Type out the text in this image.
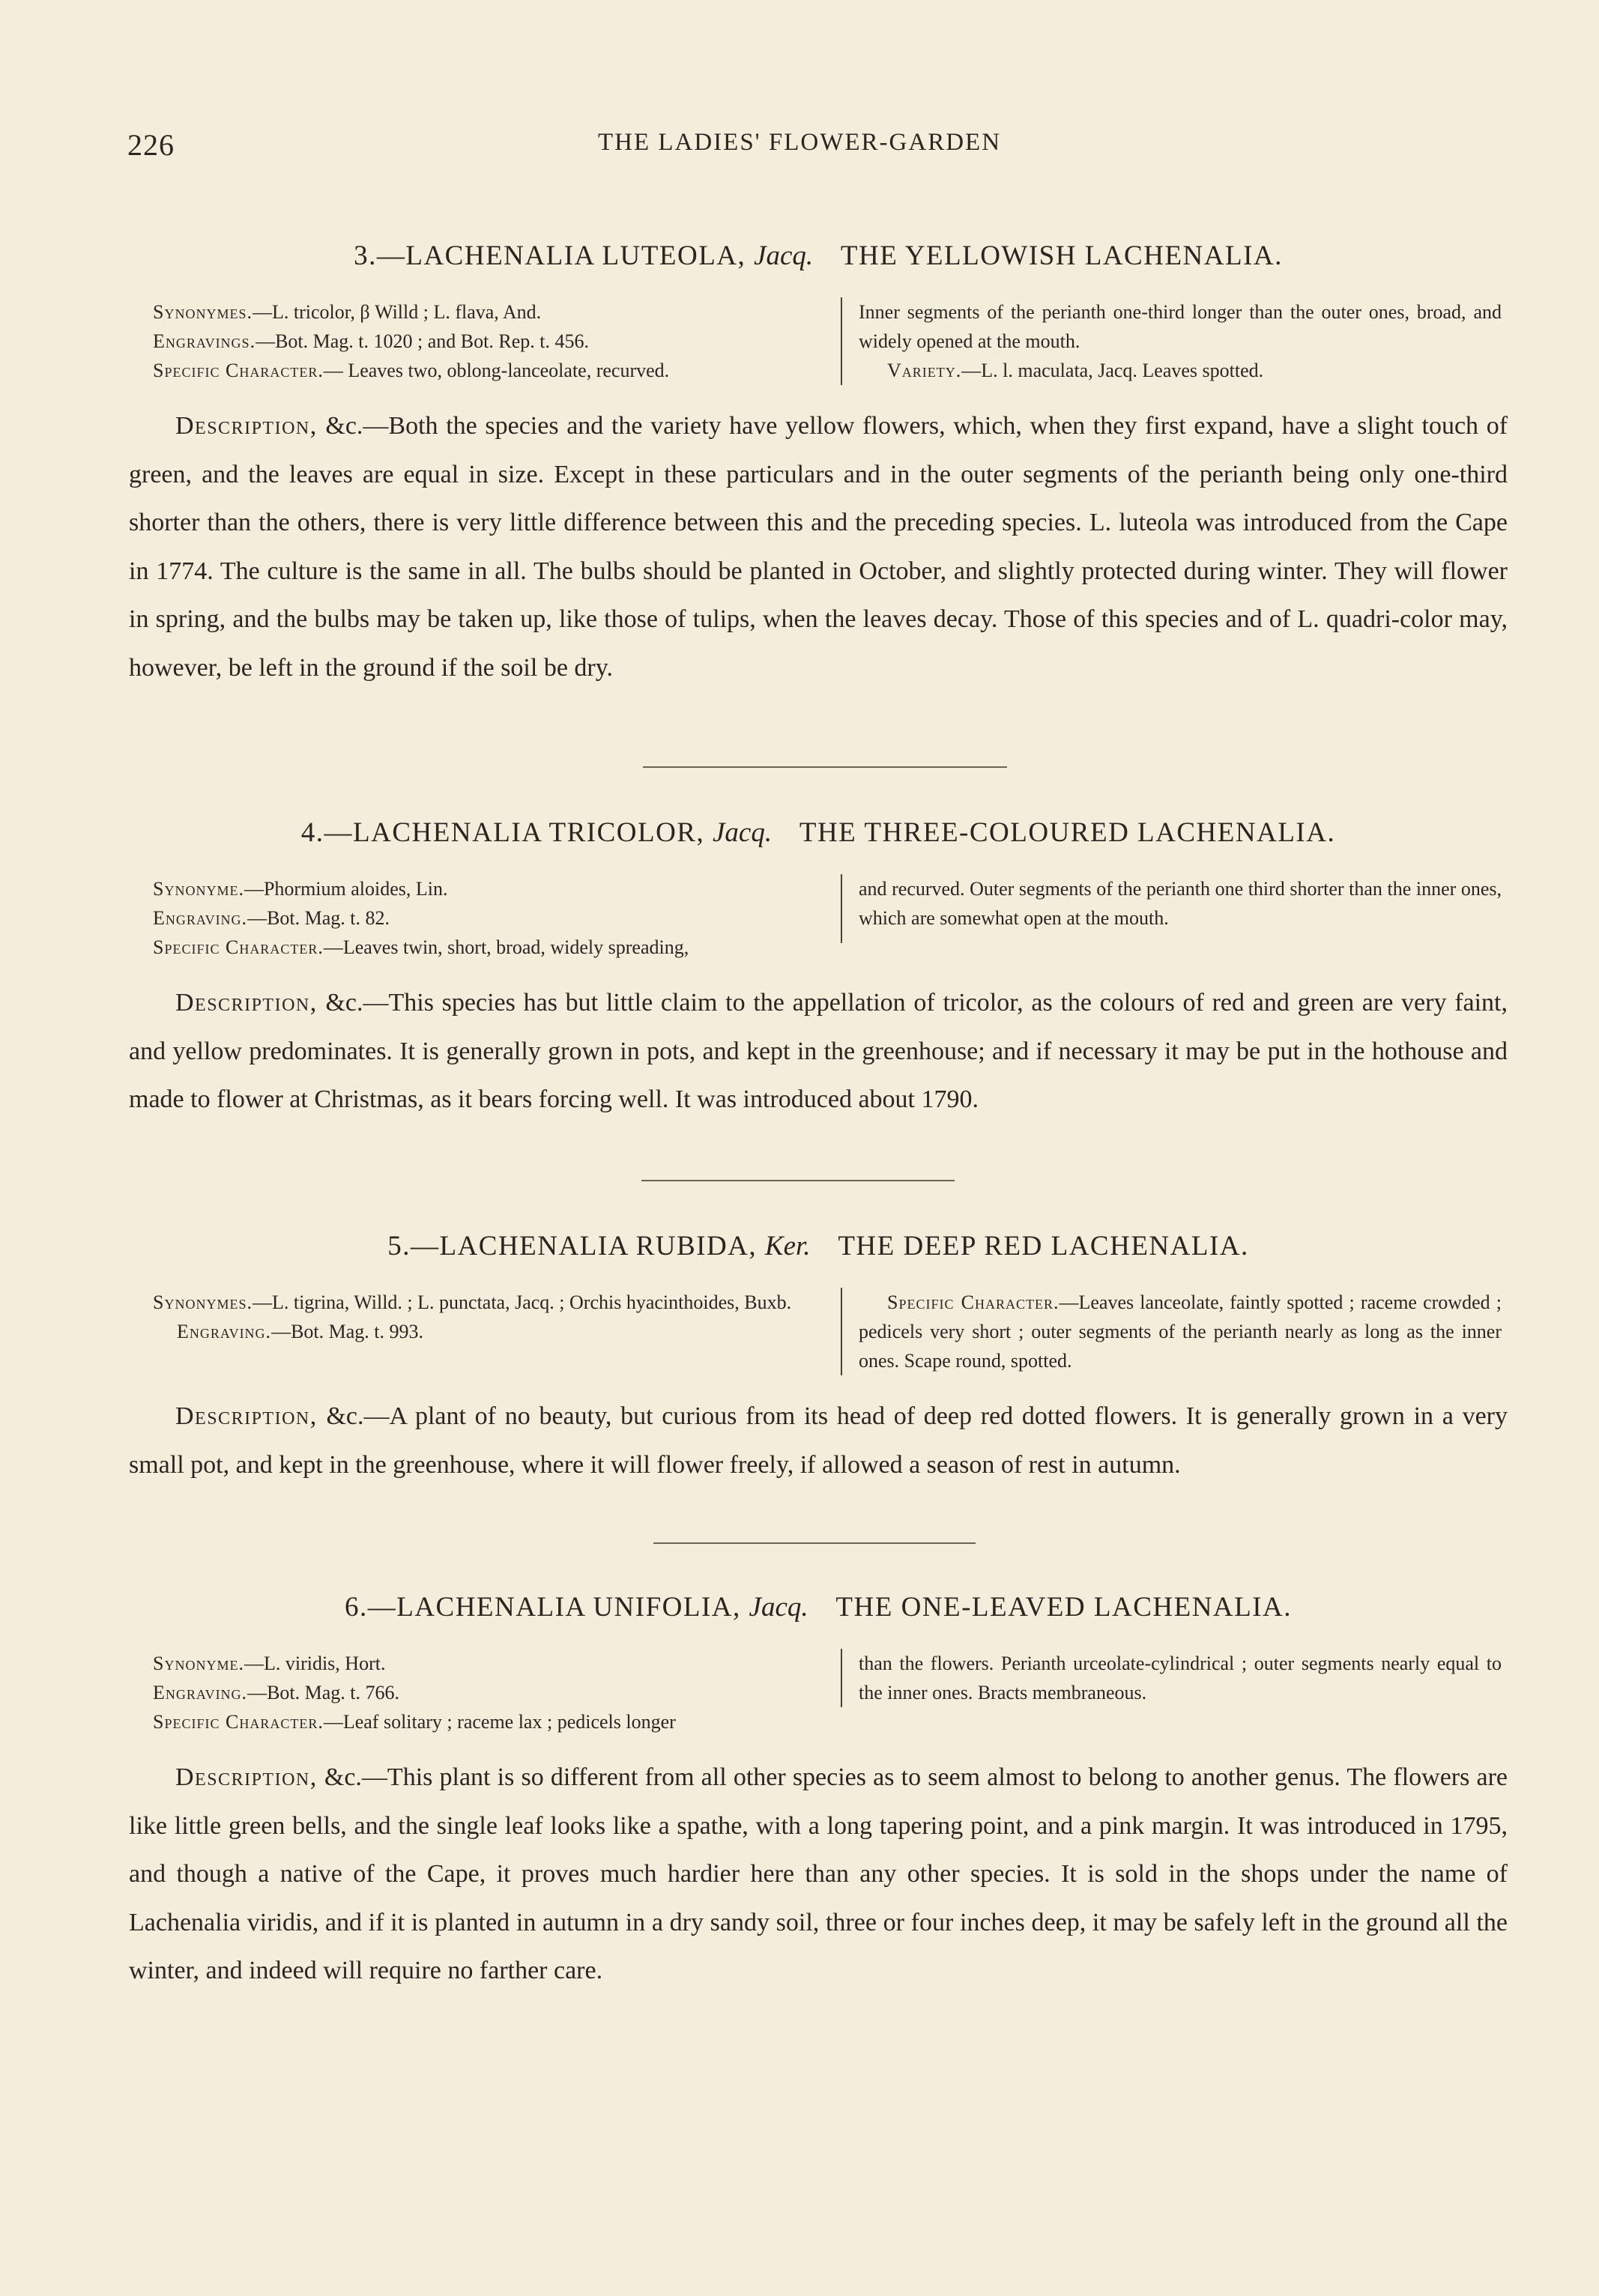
226	THE LADIES' FLOWER-GARDEN
3.—LACHENALIA LUTEOLA, Jacq. THE YELLOWISH LACHENALIA.
Synonymes.—L. tricolor, β Willd ; L. flava, And.
Engravings.—Bot. Mag. t. 1020 ; and Bot. Rep. t. 456.
Specific Character.— Leaves two, oblong-lanceolate, recurved.
Inner segments of the perianth one-third longer than the outer ones, broad, and widely opened at the mouth.
Variety.—L. l. maculata, Jacq. Leaves spotted.
Description, &c.—Both the species and the variety have yellow flowers, which, when they first expand, have a slight touch of green, and the leaves are equal in size. Except in these particulars and in the outer segments of the perianth being only one-third shorter than the others, there is very little difference between this and the preceding species. L. luteola was introduced from the Cape in 1774. The culture is the same in all. The bulbs should be planted in October, and slightly protected during winter. They will flower in spring, and the bulbs may be taken up, like those of tulips, when the leaves decay. Those of this species and of L. quadri-color may, however, be left in the ground if the soil be dry.
4.—LACHENALIA TRICOLOR, Jacq. THE THREE-COLOURED LACHENALIA.
Synonyme.—Phormium aloides, Lin.
Engraving.—Bot. Mag. t. 82.
Specific Character.—Leaves twin, short, broad, widely spreading,
and recurved. Outer segments of the perianth one third shorter than the inner ones, which are somewhat open at the mouth.
Description, &c.—This species has but little claim to the appellation of tricolor, as the colours of red and green are very faint, and yellow predominates. It is generally grown in pots, and kept in the greenhouse; and if necessary it may be put in the hothouse and made to flower at Christmas, as it bears forcing well. It was introduced about 1790.
5.—LACHENALIA RUBIDA, Ker. THE DEEP RED LACHENALIA.
Synonymes.—L. tigrina, Willd. ; L. punctata, Jacq. ; Orchis hyacinthoides, Buxb.
Engraving.—Bot. Mag. t. 993.
Specific Character.—Leaves lanceolate, faintly spotted ; raceme crowded ; pedicels very short ; outer segments of the perianth nearly as long as the inner ones. Scape round, spotted.
Description, &c.—A plant of no beauty, but curious from its head of deep red dotted flowers. It is generally grown in a very small pot, and kept in the greenhouse, where it will flower freely, if allowed a season of rest in autumn.
6.—LACHENALIA UNIFOLIA, Jacq. THE ONE-LEAVED LACHENALIA.
Synonyme.—L. viridis, Hort.
Engraving.—Bot. Mag. t. 766.
Specific Character.—Leaf solitary ; raceme lax ; pedicels longer
than the flowers. Perianth urceolate-cylindrical ; outer segments nearly equal to the inner ones. Bracts membraneous.
Description, &c.—This plant is so different from all other species as to seem almost to belong to another genus. The flowers are like little green bells, and the single leaf looks like a spathe, with a long tapering point, and a pink margin. It was introduced in 1795, and though a native of the Cape, it proves much hardier here than any other species. It is sold in the shops under the name of Lachenalia viridis, and if it is planted in autumn in a dry sandy soil, three or four inches deep, it may be safely left in the ground all the winter, and indeed will require no farther care.
